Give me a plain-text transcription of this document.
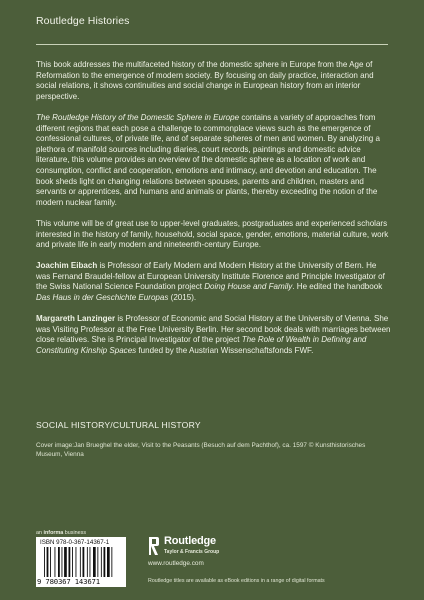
Routledge Histories

This book addresses the multifaceted history of the domestic sphere in Europe from the Age of Reformation to the emergence of modern society. By focusing on daily practice, interaction and social relations, it shows continuities and social change in European history from an interior perspective.

The Routledge History of the Domestic Sphere in Europe contains a variety of approaches from different regions that each pose a challenge to commonplace views such as the emergence of confessional cultures, of private life, and of separate spheres of men and women. By analyzing a plethora of manifold sources including diaries, court records, paintings and domestic advice literature, this volume provides an overview of the domestic sphere as a location of work and consumption, conflict and cooperation, emotions and intimacy, and devotion and education. The book sheds light on changing relations between spouses, parents and children, masters and servants or apprentices, and humans and animals or plants, thereby exceeding the notion of the modern nuclear family.

This volume will be of great use to upper-level graduates, postgraduates and experienced scholars interested in the history of family, household, social space, gender, emotions, material culture, work and private life in early modern and nineteenth-century Europe.

Joachim Eibach is Professor of Early Modern and Modern History at the University of Bern. He was Fernand Braudel-fellow at European University Institute Florence and Principle Investigator of the Swiss National Science Foundation project Doing House and Family. He edited the handbook Das Haus in der Geschichte Europas (2015).

Margareth Lanzinger is Professor of Economic and Social History at the University of Vienna. She was Visiting Professor at the Free University Berlin. Her second book deals with marriages between close relatives. She is Principal Investigator of the project The Role of Wealth in Defining and Constituting Kinship Spaces funded by the Austrian Wissenschaftsfonds FWF.

SOCIAL HISTORY/CULTURAL HISTORY
Cover image:Jan Brueghel the elder, Visit to the Peasants (Besuch auf dem Pachthof), ca. 1597 © Kunsthistorisches Museum, Vienna
an informa business
ISBN 978-0-367-14367-1
9 780367 143671
Routledge
Taylor & Francis Group
www.routledge.com
Routledge titles are available as eBook editions in a range of digital formats
